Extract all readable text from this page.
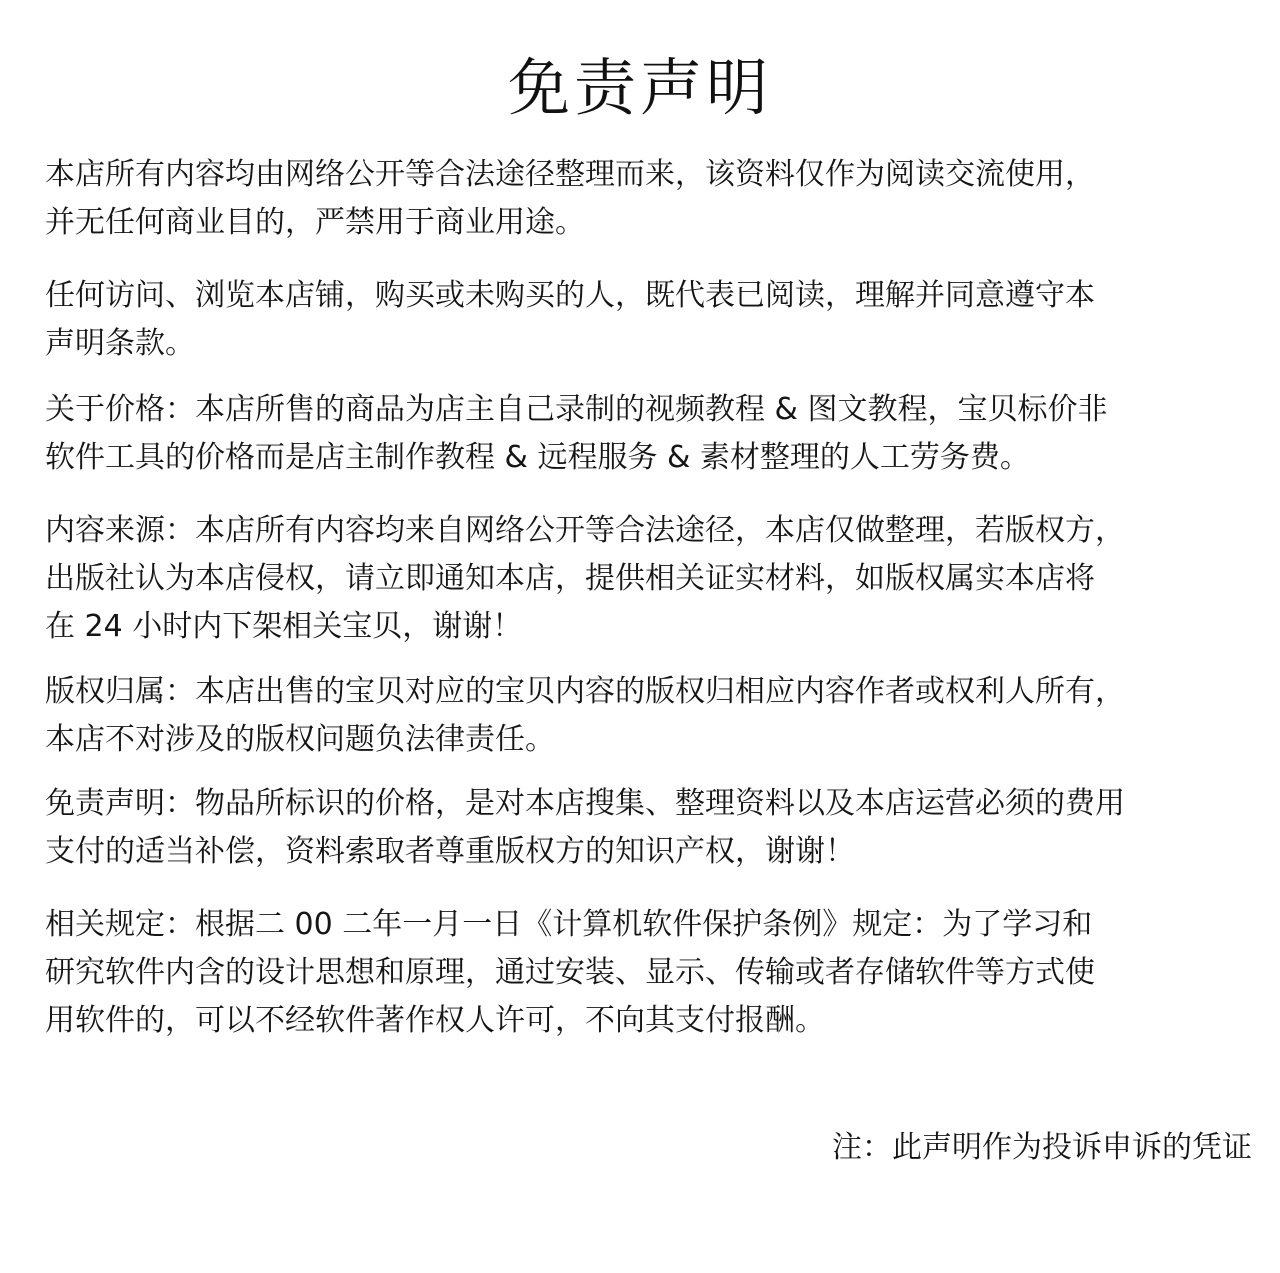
免责声明
本店所有内容均由网络公开等合法途径整理而来，该资料仅作为阅读交流使用，
并无任何商业目的，严禁用于商业用途。
任何访问、浏览本店铺，购买或未购买的人，既代表已阅读，理解并同意遵守本
声明条款。
关于价格：本店所售的商品为店主自己录制的视频教程 & 图文教程，宝贝标价非
软件工具的价格而是店主制作教程 & 远程服务 & 素材整理的人工劳务费。
内容来源：本店所有内容均来自网络公开等合法途径，本店仅做整理，若版权方，
出版社认为本店侵权，请立即通知本店，提供相关证实材料，如版权属实本店将
在 24 小时内下架相关宝贝，谢谢！
版权归属：本店出售的宝贝对应的宝贝内容的版权归相应内容作者或权利人所有，
本店不对涉及的版权问题负法律责任。
免责声明：物品所标识的价格，是对本店搜集、整理资料以及本店运营必须的费用
支付的适当补偿，资料索取者尊重版权方的知识产权，谢谢！
相关规定：根据二 00 二年一月一日《计算机软件保护条例》规定：为了学习和
研究软件内含的设计思想和原理，通过安装、显示、传输或者存储软件等方式使
用软件的，可以不经软件著作权人许可，不向其支付报酬。
注：此声明作为投诉申诉的凭证
